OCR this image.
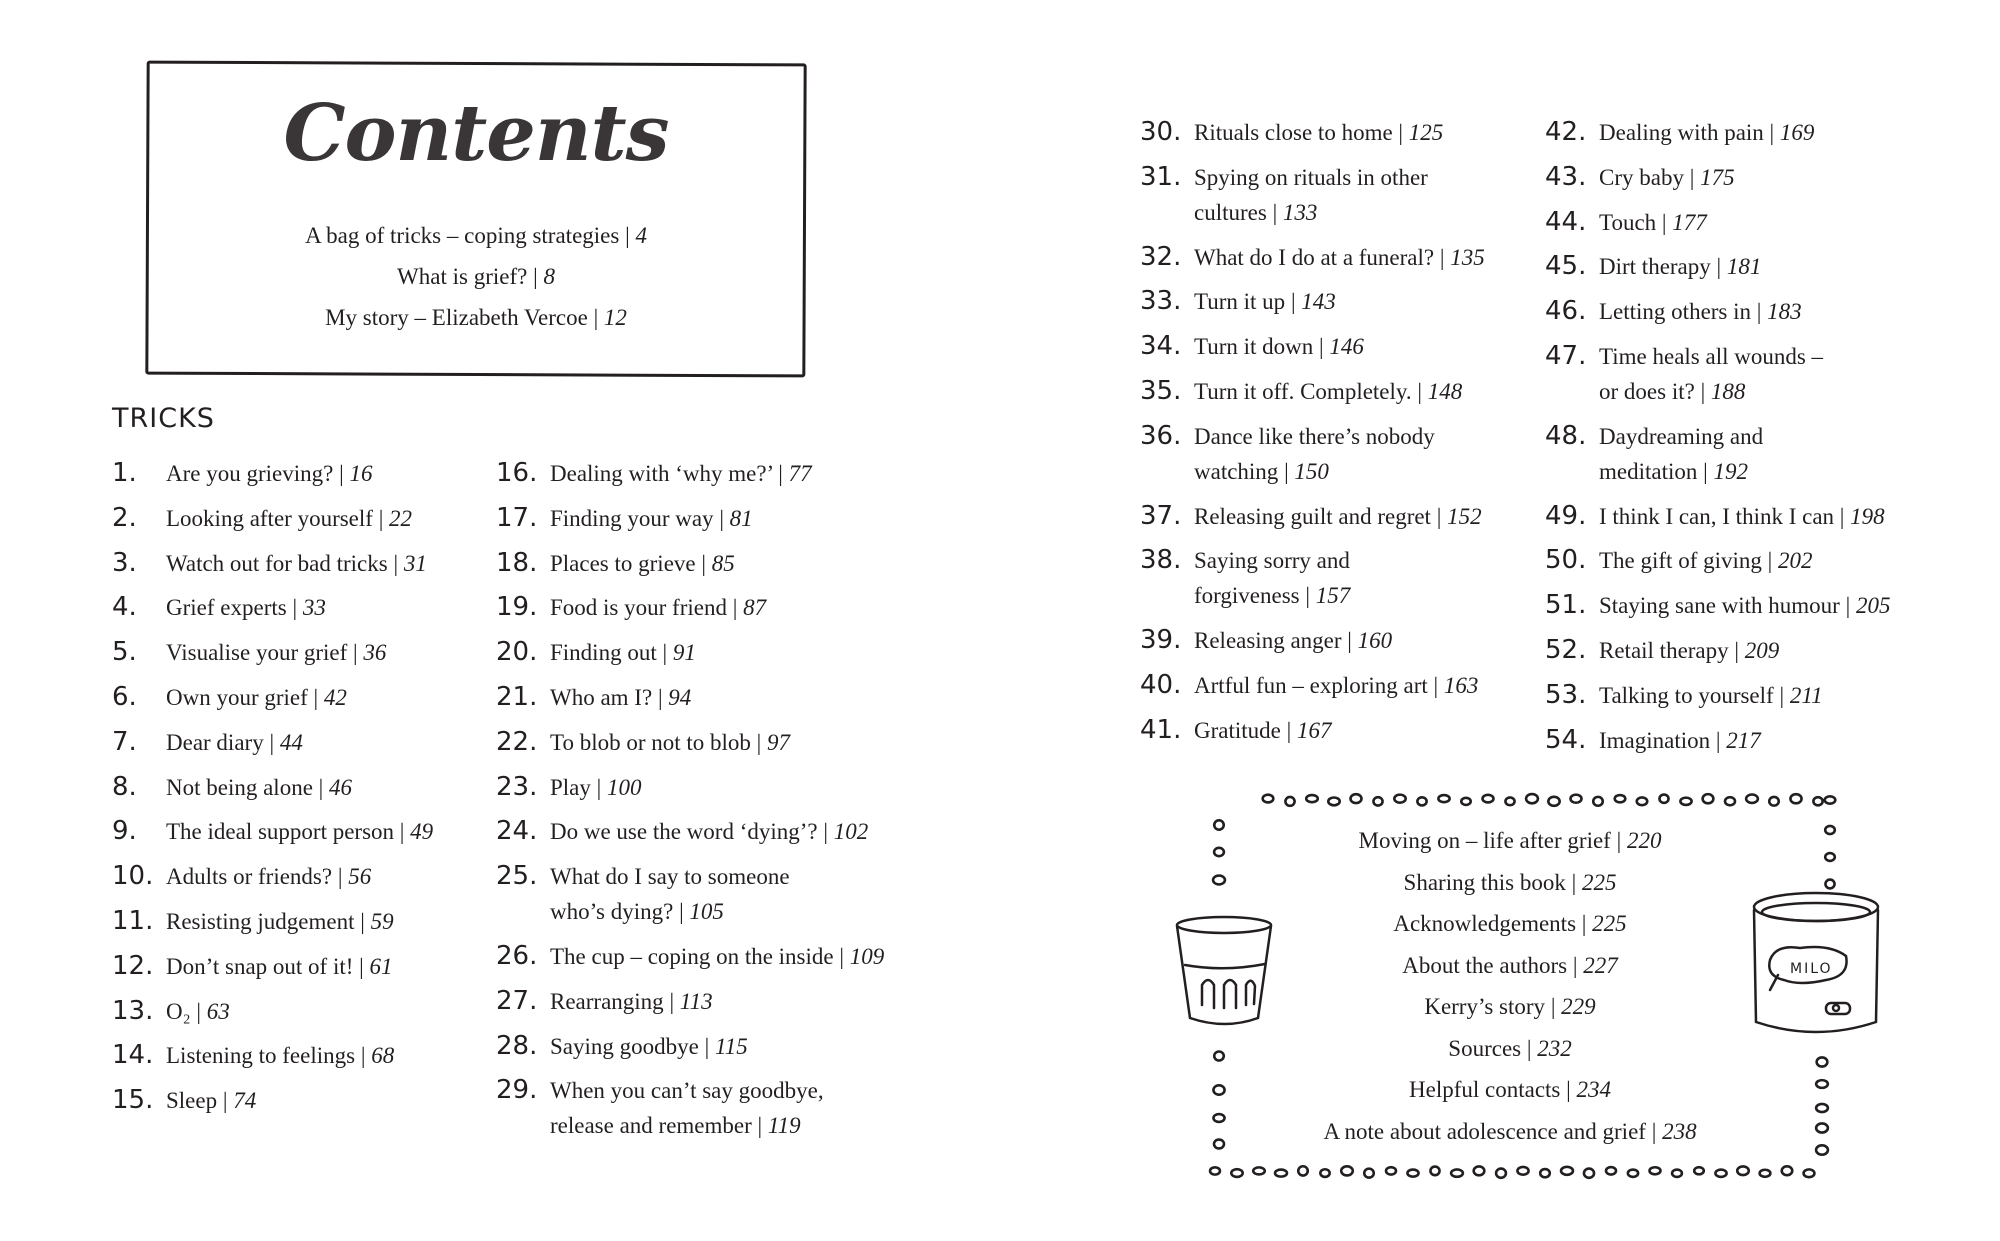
Contents
A bag of tricks – coping strategies | 4
What is grief? | 8
My story – Elizabeth Vercoe | 12
TRICKS
1. Are you grieving? | 16
2. Looking after yourself | 22
3. Watch out for bad tricks | 31
4. Grief experts | 33
5. Visualise your grief | 36
6. Own your grief | 42
7. Dear diary | 44
8. Not being alone | 46
9. The ideal support person | 49
10. Adults or friends? | 56
11. Resisting judgement | 59
12. Don’t snap out of it! | 61
13. O₂ | 63
14. Listening to feelings | 68
15. Sleep | 74
16. Dealing with ‘why me?’ | 77
17. Finding your way | 81
18. Places to grieve | 85
19. Food is your friend | 87
20. Finding out | 91
21. Who am I? | 94
22. To blob or not to blob | 97
23. Play | 100
24. Do we use the word ‘dying’? | 102
25. What do I say to someone
who’s dying? | 105
26. The cup – coping on the inside | 109
27. Rearranging | 113
28. Saying goodbye | 115
29. When you can’t say goodbye,
release and remember | 119
30. Rituals close to home | 125
31. Spying on rituals in other
cultures | 133
32. What do I do at a funeral? | 135
33. Turn it up | 143
34. Turn it down | 146
35. Turn it off. Completely. | 148
36. Dance like there’s nobody
watching | 150
37. Releasing guilt and regret | 152
38. Saying sorry and
forgiveness | 157
39. Releasing anger | 160
40. Artful fun – exploring art | 163
41. Gratitude | 167
42. Dealing with pain | 169
43. Cry baby | 175
44. Touch | 177
45. Dirt therapy | 181
46. Letting others in | 183
47. Time heals all wounds –
or does it? | 188
48. Daydreaming and
meditation | 192
49. I think I can, I think I can | 198
50. The gift of giving | 202
51. Staying sane with humour | 205
52. Retail therapy | 209
53. Talking to yourself | 211
54. Imagination | 217
MILO
Moving on – life after grief | 220
Sharing this book | 225
Acknowledgements | 225
About the authors | 227
Kerry’s story | 229
Sources | 232
Helpful contacts | 234
A note about adolescence and grief | 238
